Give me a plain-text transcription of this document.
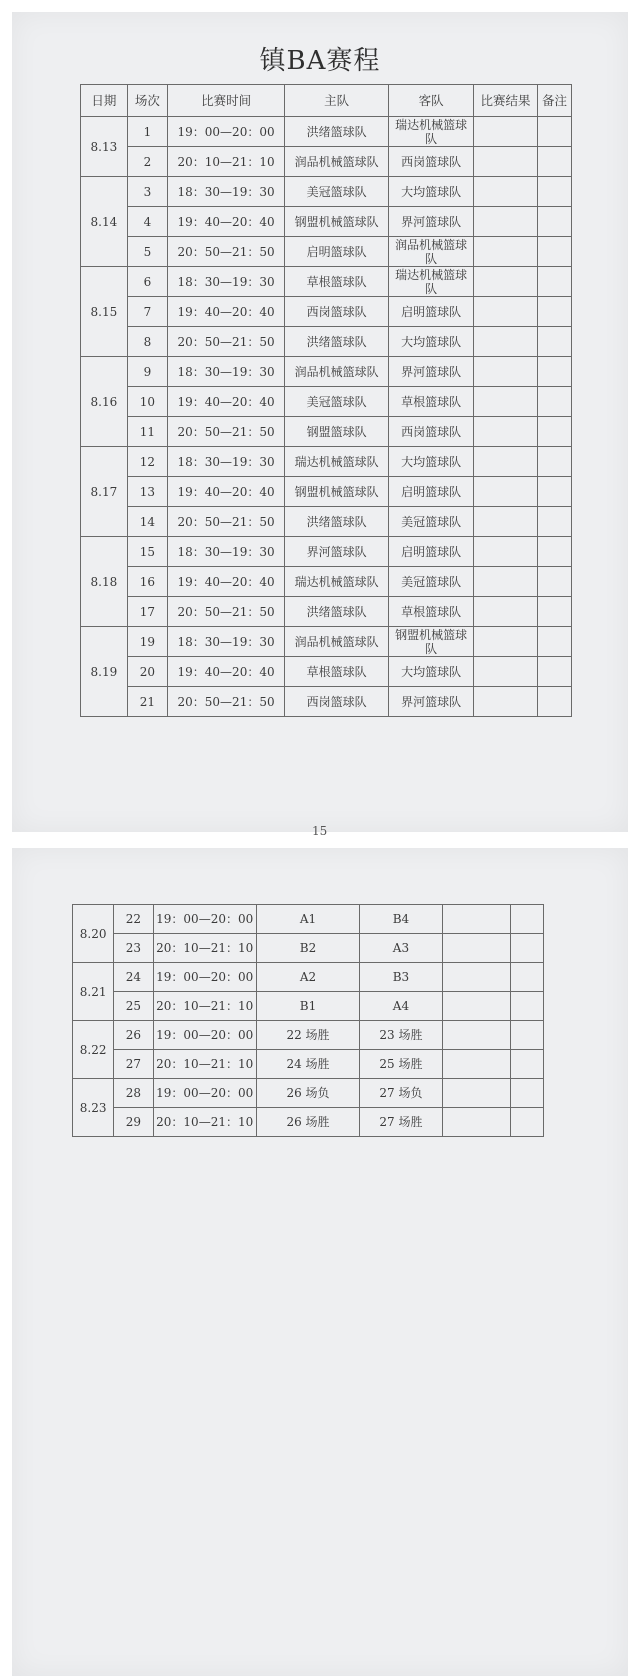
镇BA赛程
日期	场次	比赛时间	主队	客队	比赛结果	备注
8.13	1	19：00—20：00	洪绪篮球队	瑞达机械篮球队		
	2	20：10—21：10	润品机械篮球队	西岗篮球队		
8.14	3	18：30—19：30	美冠篮球队	大均篮球队		
	4	19：40—20：40	钢盟机械篮球队	界河篮球队		
	5	20：50—21：50	启明篮球队	润品机械篮球队		
8.15	6	18：30—19：30	草根篮球队	瑞达机械篮球队		
	7	19：40—20：40	西岗篮球队	启明篮球队		
	8	20：50—21：50	洪绪篮球队	大均篮球队		
8.16	9	18：30—19：30	润品机械篮球队	界河篮球队		
	10	19：40—20：40	美冠篮球队	草根篮球队		
	11	20：50—21：50	钢盟篮球队	西岗篮球队		
8.17	12	18：30—19：30	瑞达机械篮球队	大均篮球队		
	13	19：40—20：40	钢盟机械篮球队	启明篮球队		
	14	20：50—21：50	洪绪篮球队	美冠篮球队		
8.18	15	18：30—19：30	界河篮球队	启明篮球队		
	16	19：40—20：40	瑞达机械篮球队	美冠篮球队		
	17	20：50—21：50	洪绪篮球队	草根篮球队		
8.19	19	18：30—19：30	润品机械篮球队	钢盟机械篮球队		
	20	19：40—20：40	草根篮球队	大均篮球队		
	21	20：50—21：50	西岗篮球队	界河篮球队		
15
8.20	22	19：00—20：00	A1	B4		
	23	20：10—21：10	B2	A3		
8.21	24	19：00—20：00	A2	B3		
	25	20：10—21：10	B1	A4		
8.22	26	19：00—20：00	22 场胜	23 场胜		
	27	20：10—21：10	24 场胜	25 场胜		
8.23	28	19：00—20：00	26 场负	27 场负		
	29	20：10—21：10	26 场胜	27 场胜		
